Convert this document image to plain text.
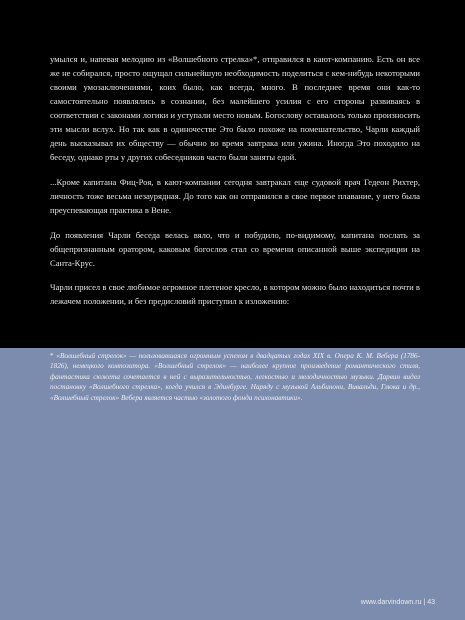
умылся и, напевая мелодию из «Волшебного стрелка»*, отправился в кают-компанию. Есть он все же не собирался, просто ощущал сильнейшую необходимость поделиться с кем-нибудь некоторыми своими умозаключениями, коих было, как всегда, много. В последнее время они как-то самостоятельно появлялись в сознании, без малейшего усилия с его стороны развиваясь в соответствии с законами логики и уступали место новым. Богослову оставалось только произносить эти мысли вслух. Но так как в одиночестве Это было похоже на помешательство, Чарли каждый день высказывал их обществу — обычно во время завтрака или ужина. Иногда Это походило на беседу, однако рты у других собеседников часто были заняты едой.

...Кроме капитана Фиц-Роя, в кают-компании сегодня завтракал еще судовой врач Гедеон Рихтер, личность тоже весьма незаурядная. До того как он отправился в свое первое плавание, у него была преуспевающая практика в Вене.

До появления Чарли беседа велась вяло, что и побудило, по-видимому, капитана послать за общепризнанным оратором, каковым богослов стал со времени описанной выше экспедиции на Санта-Крус.

Чарли присел в свое любимое огромное плетеное кресло, в котором можно было находиться почти в лежачем положении, и без предисловий приступил к изложению:

* «Волшебный стрелок» — пользовавшаяся огромным успехом в двадцатых годах XIX в. Опера К. М. Вебера (1786-1826), немецкого композитора. «Волшебный стрелок» — наиболее крупное произведение романтического стиля, фантастика сюжета сочетается в ней с выразительностью, легкостью и мелодичностью музыки. Дарвин видел постановку «Волшебного стрелка», когда учился в Эдинбурге. Наряду с музыкой Альбинони, Вивальди, Глюка и др., «Волшебный стрелок» Вебера является частью «золотого фонда психонавтики».
www.darvindown.ru | 43
